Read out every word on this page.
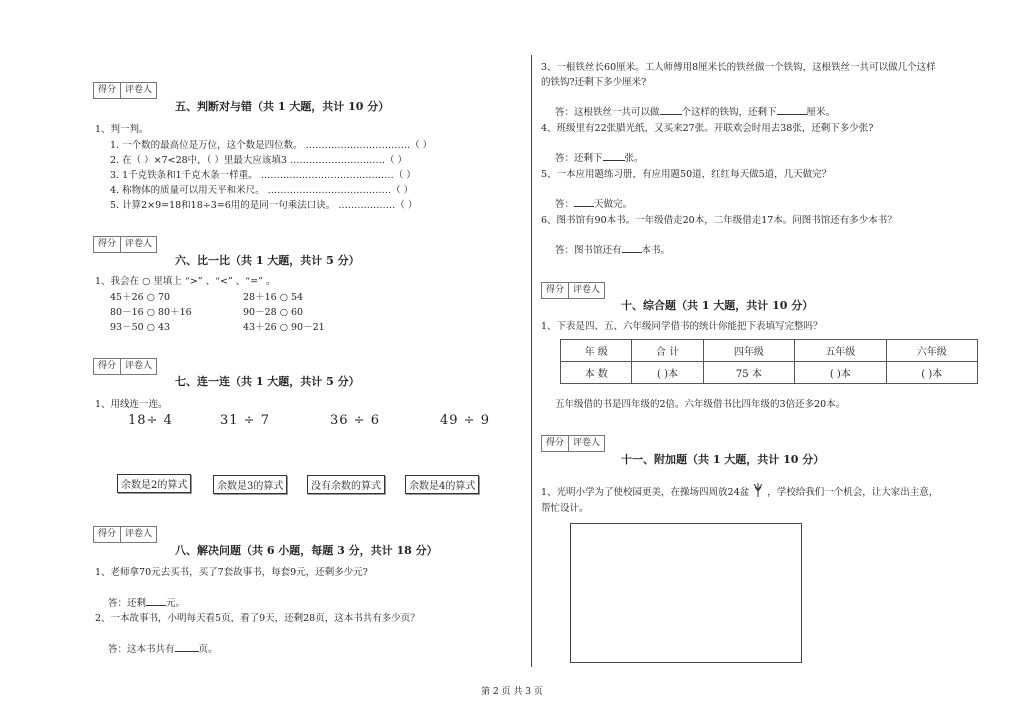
得分	评卷人
五、判断对与错（共 1 大题，共计 10 分）
1、判一判。
1. 一个数的最高位是万位，这个数是四位数。 ……………………………（ ）
2. 在（ ）×7<28中，（ ）里最大应该填3 …………………………（ ）
3. 1千克铁条和1千克木条一样重。 ……………………………………（ ）
4. 称物体的质量可以用天平和米尺。 …………………………………（ ）
5. 计算2×9=18和18÷3=6用的是同一句乘法口诀。 ………………（ ）
得分	评卷人
六、比一比（共 1 大题，共计 5 分）
1、我会在 ○ 里填上 “>” 、“<” 、“=” 。
45＋26 ○ 70	28＋16 ○ 54
80－16 ○ 80＋16	90－28 ○ 60
93－50 ○ 43	43＋26 ○ 90－21
得分	评卷人
七、连一连（共 1 大题，共计 5 分）
1、用线连一连。
18÷ 4	31 ÷ 7	36 ÷ 6	49 ÷ 9
余数是2的算式	余数是3的算式	没有余数的算式	余数是4的算式
得分	评卷人
八、解决问题（共 6 小题，每题 3 分，共计 18 分）
1、老师拿70元去买书，买了7套故事书，每套9元，还剩多少元?
答：还剩 元。
2、一本故事书，小明每天看5页，看了9天，还剩28页，这本书共有多少页？
答：这本书共有	页。
3、一根铁丝长60厘米。工人师傅用8厘米长的铁丝做一个铁钩，这根铁丝一共可以做几个这样
的铁钩?还剩下多少厘米?
答：这根铁丝一共可以做 个这样的铁钩，还剩下	厘米。
4、班级里有22张腊光纸，又买来27张。开联欢会时用去38张，还剩下多少张?
答：还剩下 张。
5、一本应用题练习册，有应用题50道，红红每天做5道，几天做完？
答： 天做完。
6、图书馆有90本书。一年级借走20本，二年级借走17本。问图书馆还有多少本书？
答：图书馆还有 本书。
得分	评卷人
十、综合题（共 1 大题，共计 10 分）
1、下表是四、五、六年级同学借书的统计你能把下表填写完整吗？
年 级	合 计	四年级	五年级	六年级
本 数	( )本	75 本	( )本	( )本
五年级借的书是四年级的2倍。六年级借书比四年级的3倍还多20本。
得分	评卷人
十一、附加题（共 1 大题，共计 10 分）
1、光明小学为了使校园更美，在操场四周放24盆 ，学校给我们一个机会，让大家出主意，
帮忙设计。
第 2 页 共 3 页
